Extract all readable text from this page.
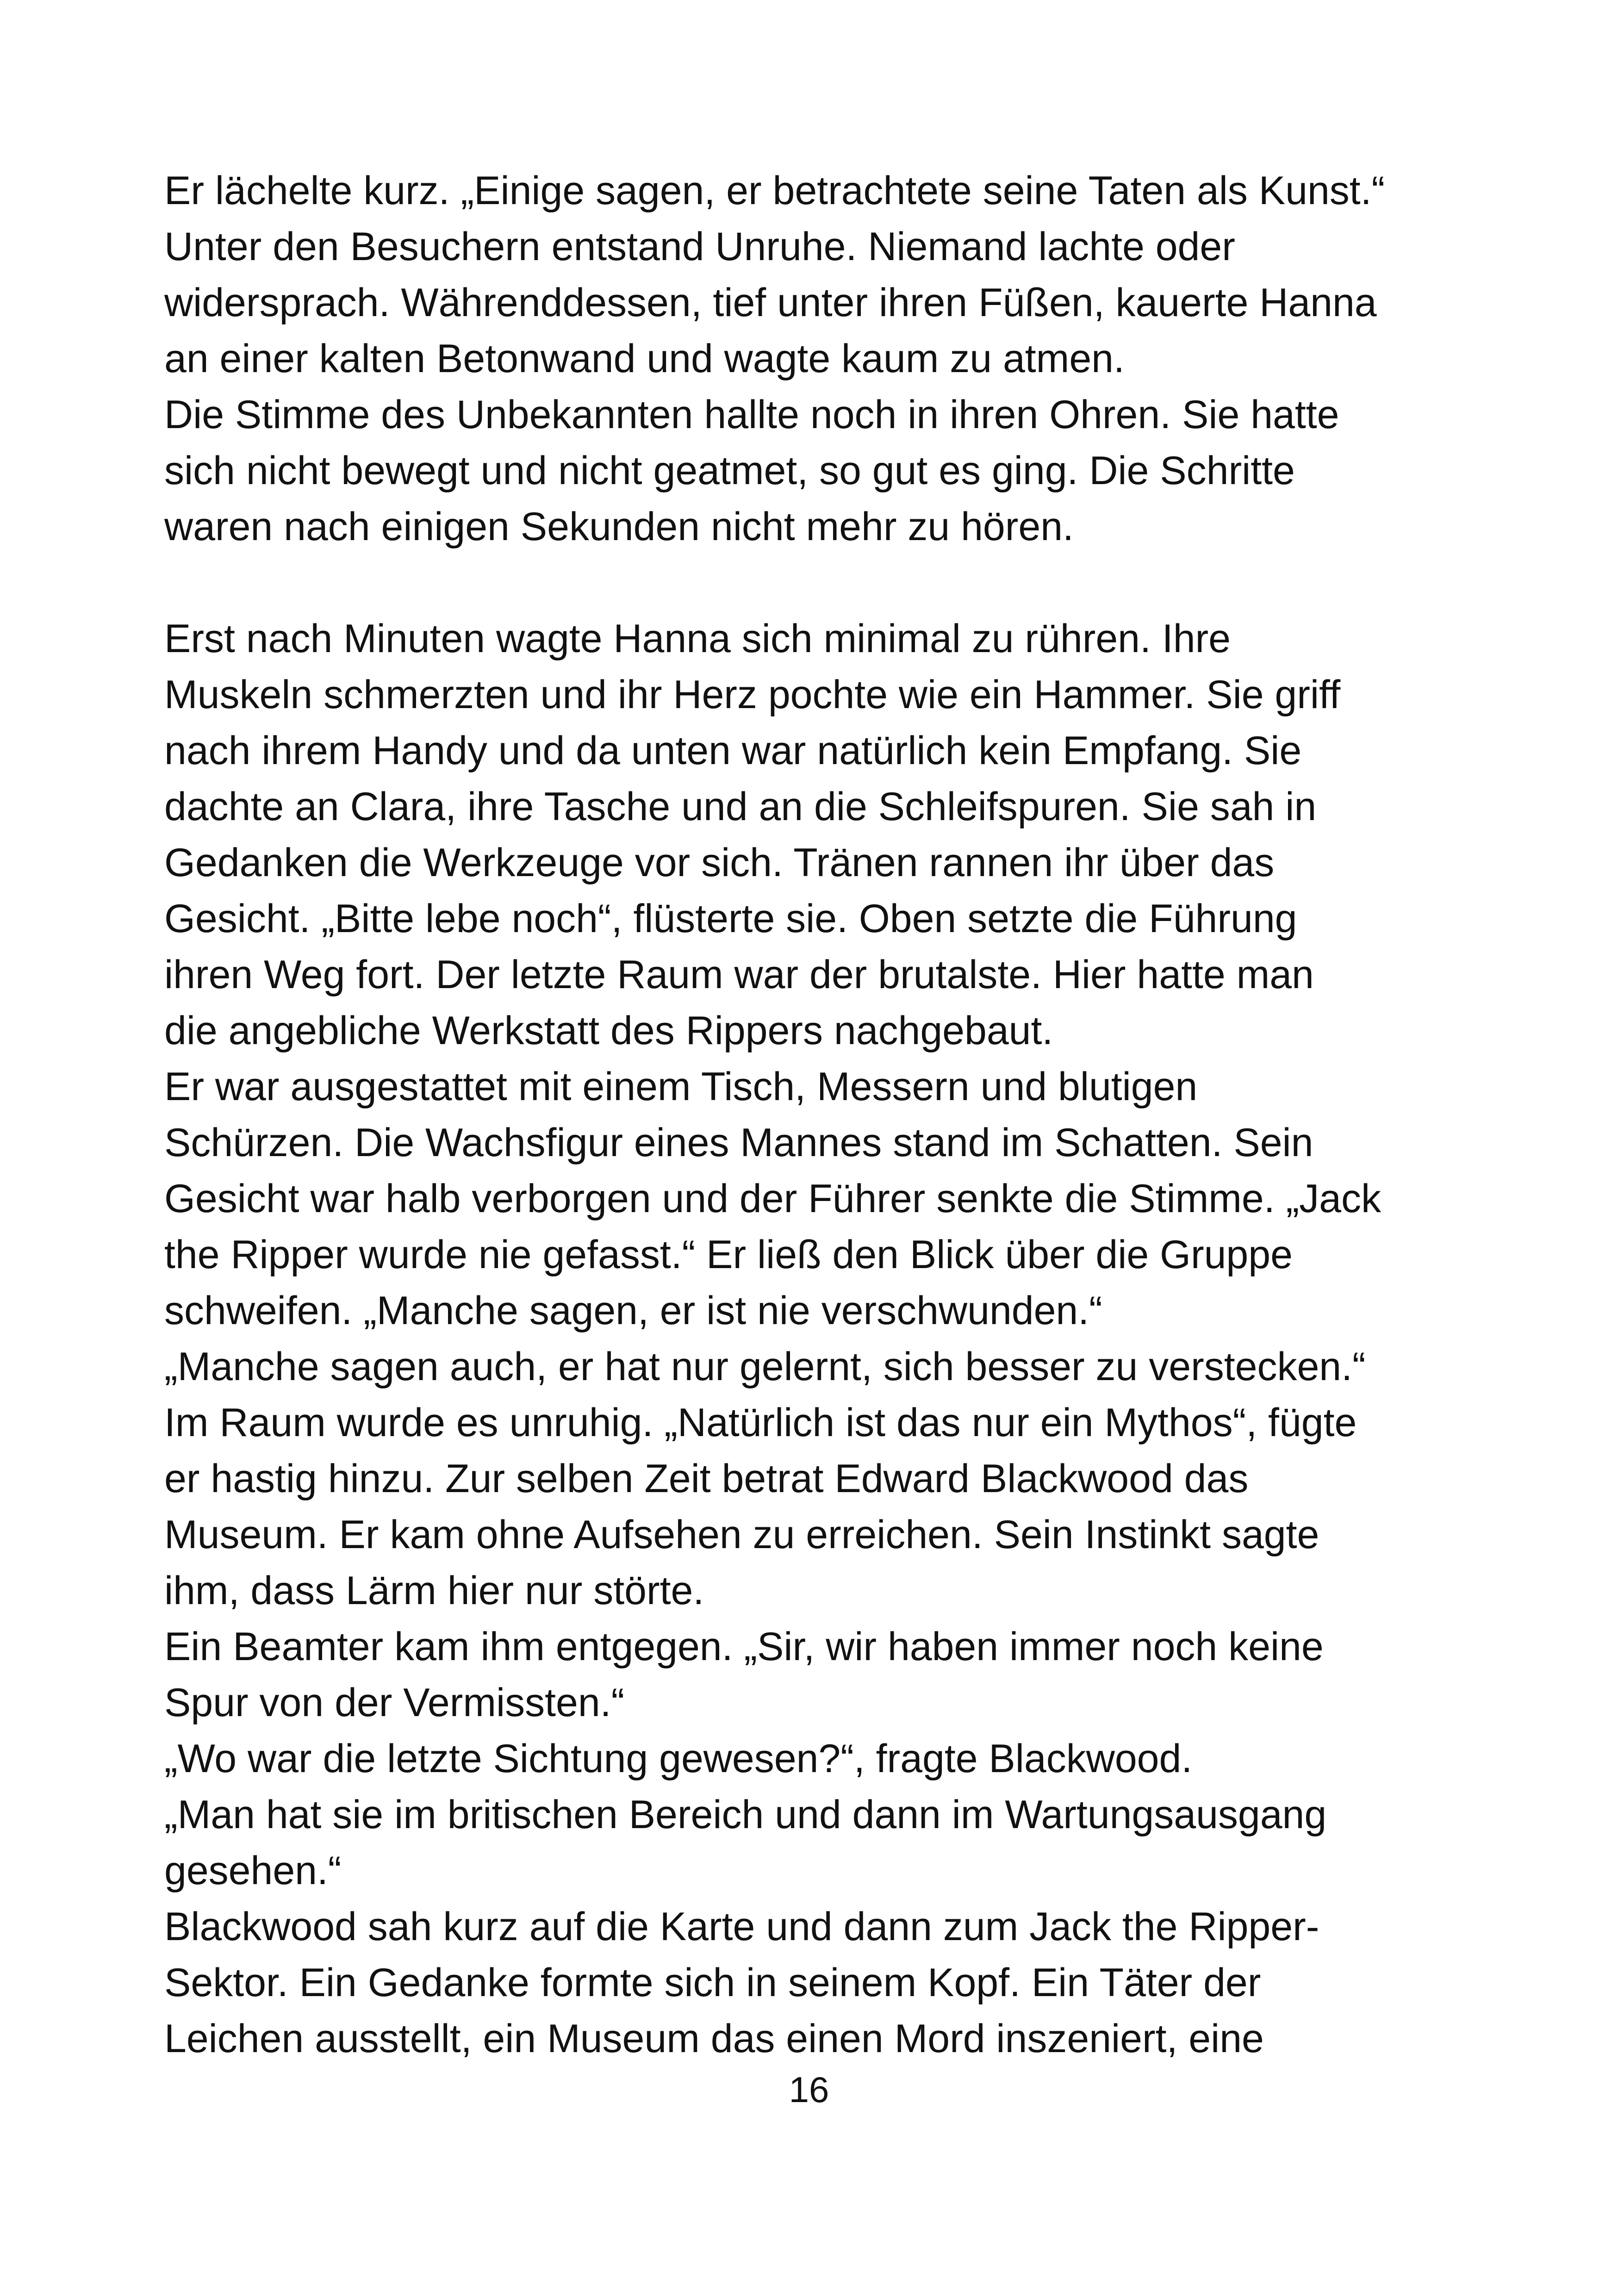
Er lächelte kurz. „Einige sagen, er betrachtete seine Taten als Kunst.“
Unter den Besuchern entstand Unruhe. Niemand lachte oder
widersprach. Währenddessen, tief unter ihren Füßen, kauerte Hanna
an einer kalten Betonwand und wagte kaum zu atmen.
Die Stimme des Unbekannten hallte noch in ihren Ohren. Sie hatte
sich nicht bewegt und nicht geatmet, so gut es ging. Die Schritte
waren nach einigen Sekunden nicht mehr zu hören.
Erst nach Minuten wagte Hanna sich minimal zu rühren. Ihre
Muskeln schmerzten und ihr Herz pochte wie ein Hammer. Sie griff
nach ihrem Handy und da unten war natürlich kein Empfang. Sie
dachte an Clara, ihre Tasche und an die Schleifspuren. Sie sah in
Gedanken die Werkzeuge vor sich. Tränen rannen ihr über das
Gesicht. „Bitte lebe noch“, flüsterte sie. Oben setzte die Führung
ihren Weg fort. Der letzte Raum war der brutalste. Hier hatte man
die angebliche Werkstatt des Rippers nachgebaut.
Er war ausgestattet mit einem Tisch, Messern und blutigen
Schürzen. Die Wachsfigur eines Mannes stand im Schatten. Sein
Gesicht war halb verborgen und der Führer senkte die Stimme. „Jack
the Ripper wurde nie gefasst.“ Er ließ den Blick über die Gruppe
schweifen. „Manche sagen, er ist nie verschwunden.“
„Manche sagen auch, er hat nur gelernt, sich besser zu verstecken.“
Im Raum wurde es unruhig. „Natürlich ist das nur ein Mythos“, fügte
er hastig hinzu. Zur selben Zeit betrat Edward Blackwood das
Museum. Er kam ohne Aufsehen zu erreichen. Sein Instinkt sagte
ihm, dass Lärm hier nur störte.
Ein Beamter kam ihm entgegen. „Sir, wir haben immer noch keine
Spur von der Vermissten.“
„Wo war die letzte Sichtung gewesen?“, fragte Blackwood.
„Man hat sie im britischen Bereich und dann im Wartungsausgang
gesehen.“
Blackwood sah kurz auf die Karte und dann zum Jack the Ripper-
Sektor. Ein Gedanke formte sich in seinem Kopf. Ein Täter der
Leichen ausstellt, ein Museum das einen Mord inszeniert, eine
16
